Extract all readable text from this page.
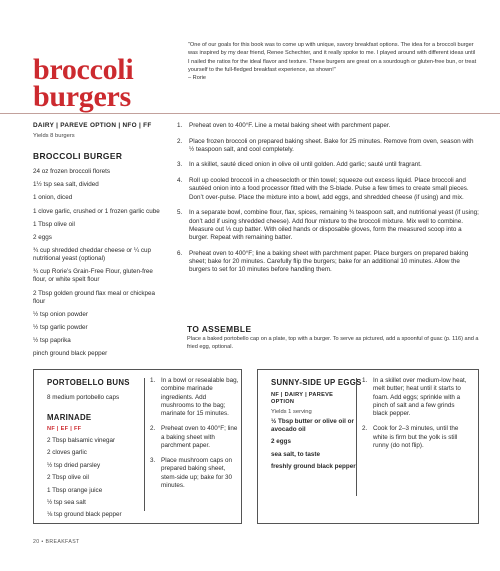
broccoli
burgers

“One of our goals for this book was to come up with unique, savory breakfast options. The idea for a broccoli burger was inspired by my dear friend, Renee Schechter, and it really spoke to me. I played around with different ideas until I nailed the ratios for the ideal flavor and texture. These burgers are great on a sourdough or gluten-free bun, or treat yourself to the full-fledged breakfast experience, as shown!”
– Rorie

DAIRY | PAREVE OPTION | NFO | FF
Yields 8 burgers
BROCCOLI BURGER
24 oz frozen broccoli florets
1½ tsp sea salt, divided
1 onion, diced
1 clove garlic, crushed or 1 frozen garlic cube
1 Tbsp olive oil
2 eggs
¾ cup shredded cheddar cheese or ¼ cup nutritional yeast (optional)
¾ cup Rorie’s Grain-Free Flour, gluten-free flour, or white spelt flour
2 Tbsp golden ground flax meal or chickpea flour
½ tsp onion powder
½ tsp garlic powder
½ tsp paprika
pinch ground black pepper
1. Preheat oven to 400°F. Line a metal baking sheet with parchment paper.
2. Place frozen broccoli on prepared baking sheet. Bake for 25 minutes. Remove from oven, season with ½ teaspoon salt, and cool completely.
3. In a skillet, sauté diced onion in olive oil until golden. Add garlic; sauté until fragrant.
4. Roll up cooled broccoli in a cheesecloth or thin towel; squeeze out excess liquid. Place broccoli and sautéed onion into a food processor fitted with the S-blade. Pulse a few times to create small pieces. Don’t over-pulse. Place the mixture into a bowl, add eggs, and shredded cheese (if using) and mix.
5. In a separate bowl, combine flour, flax, spices, remaining ¾ teaspoon salt, and nutritional yeast (if using; don’t add if using shredded cheese). Add flour mixture to the broccoli mixture. Mix well to combine. Measure out ⅓ cup batter. With oiled hands or disposable gloves, form the measured scoop into a burger. Repeat with remaining batter.
6. Preheat oven to 400°F; line a baking sheet with parchment paper. Place burgers on prepared baking sheet; bake for 20 minutes. Carefully flip the burgers; bake for an additional 10 minutes. Allow the burgers to set for 10 minutes before handling them.
TO ASSEMBLE

Place a baked portobello cap on a plate, top with a burger. To serve as pictured, add a spoonful of guac (p. 116) and a fried egg, optional.

PORTOBELLO BUNS
8 medium portobello caps
MARINADE
NF | EF | FF
2 Tbsp balsamic vinegar
2 cloves garlic
½ tsp dried parsley
2 Tbsp olive oil
1 Tbsp orange juice
½ tsp sea salt
⅛ tsp ground black pepper
1. In a bowl or resealable bag, combine marinade ingredients. Add mushrooms to the bag; marinate for 15 minutes.
2. Preheat oven to 400°F; line a baking sheet with parchment paper.
3. Place mushroom caps on prepared baking sheet, stem-side up; bake for 30 minutes.
SUNNY-SIDE UP EGGS
NF | DAIRY | PAREVE OPTION
Yields 1 serving
½ Tbsp butter or olive oil or avocado oil
2 eggs
sea salt, to taste
freshly ground black pepper
1. In a skillet over medium-low heat, melt butter; heat until it starts to foam. Add eggs; sprinkle with a pinch of salt and a few grinds black pepper.
2. Cook for 2–3 minutes, until the white is firm but the yolk is still runny (do not flip).
20 • BREAKFAST
